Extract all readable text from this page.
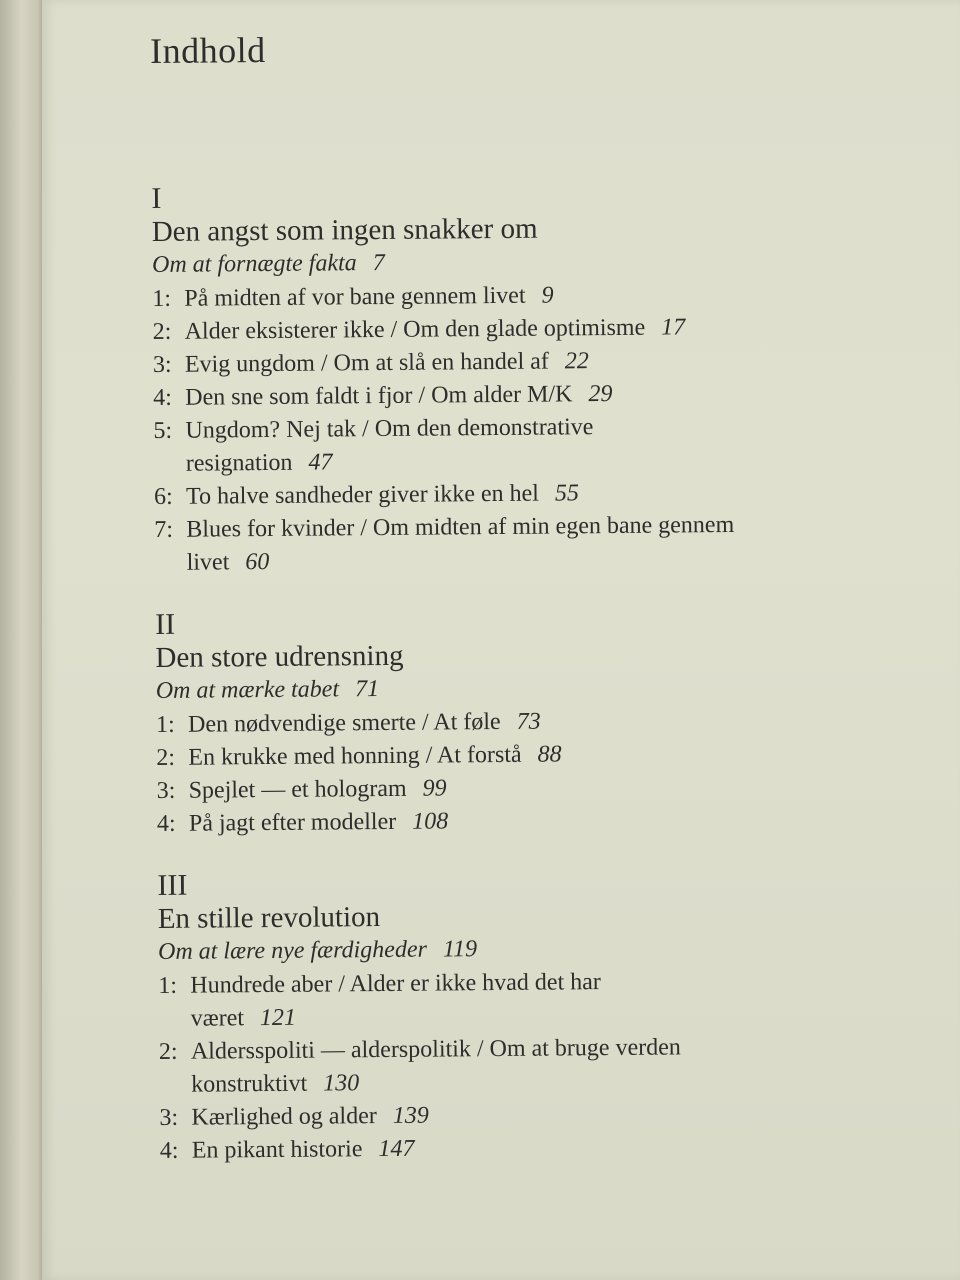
Indhold
I
Den angst som ingen snakker om
Om at fornægte fakta 7
1: På midten af vor bane gennem livet 9
2: Alder eksisterer ikke / Om den glade optimisme 17
3: Evig ungdom / Om at slå en handel af 22
4: Den sne som faldt i fjor / Om alder M/K 29
5: Ungdom? Nej tak / Om den demonstrative resignation 47
6: To halve sandheder giver ikke en hel 55
7: Blues for kvinder / Om midten af min egen bane gennem livet 60
II
Den store udrensning
Om at mærke tabet 71
1: Den nødvendige smerte / At føle 73
2: En krukke med honning / At forstå 88
3: Spejlet — et hologram 99
4: På jagt efter modeller 108
III
En stille revolution
Om at lære nye færdigheder 119
1: Hundrede aber / Alder er ikke hvad det har været 121
2: Aldersspoliti — alderspolitik / Om at bruge verden konstruktivt 130
3: Kærlighed og alder 139
4: En pikant historie 147
